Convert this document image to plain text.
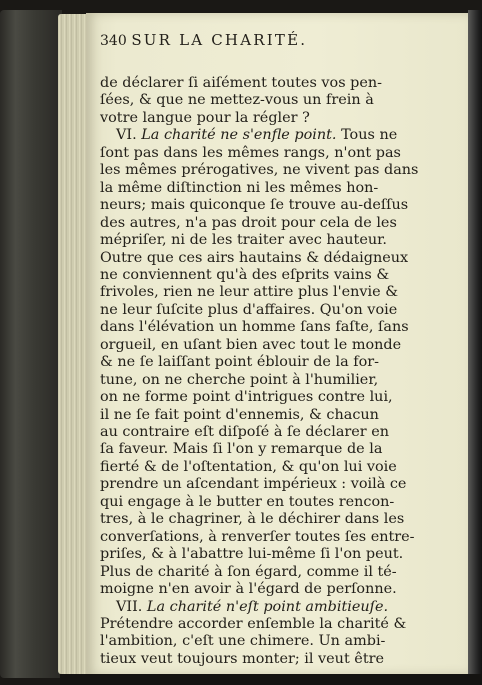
340 SUR LA CHARITÉ.
de déclarer ſi aiſément toutes vos pen-
ſées, & que ne mettez-vous un frein à
votre langue pour la régler ?
VI. La charité ne s'enfle point. Tous ne
ſont pas dans les mêmes rangs, n'ont pas
les mêmes prérogatives, ne vivent pas dans
la même diſtinction ni les mêmes hon-
neurs; mais quiconque ſe trouve au-deſſus
des autres, n'a pas droit pour cela de les
mépriſer, ni de les traiter avec hauteur.
Outre que ces airs hautains & dédaigneux
ne conviennent qu'à des eſprits vains &
frivoles, rien ne leur attire plus l'envie &
ne leur ſuſcite plus d'affaires. Qu'on voie
dans l'élévation un homme ſans faſte, ſans
orgueil, en uſant bien avec tout le monde
& ne ſe laiſſant point éblouir de la for-
tune, on ne cherche point à l'humilier,
on ne forme point d'intrigues contre lui,
il ne ſe fait point d'ennemis, & chacun
au contraire eſt diſpoſé à ſe déclarer en
ſa faveur. Mais ſi l'on y remarque de la
fierté & de l'oſtentation, & qu'on lui voie
prendre un aſcendant impérieux : voilà ce
qui engage à le butter en toutes rencon-
tres, à le chagriner, à le déchirer dans les
converſations, à renverſer toutes ſes entre-
priſes, & à l'abattre lui-même ſi l'on peut.
Plus de charité à ſon égard, comme il té-
moigne n'en avoir à l'égard de perſonne.
VII. La charité n'eſt point ambitieuſe.
Prétendre accorder enſemble la charité &
l'ambition, c'eſt une chimere. Un ambi-
tieux veut toujours monter; il veut être
